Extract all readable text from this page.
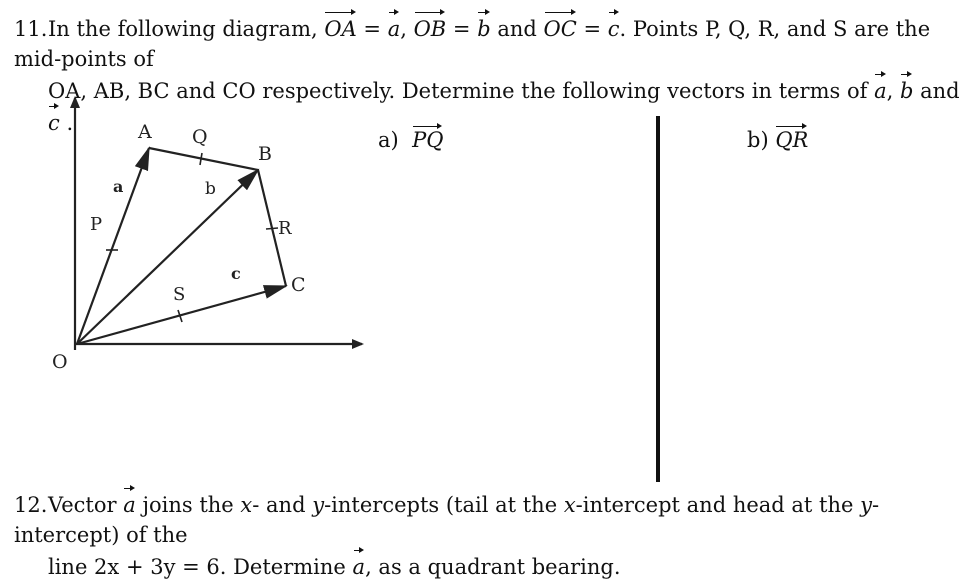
11.In the following diagram, OA =
a,
OB =
b and OC =
c. Points P, Q, R, and S are the mid-points of
OA, AB, BC and CO respectively. Determine the following vectors in terms of a,
b and
c .
O
A
B
C
P
Q
R
S
a	b
c
a) PQ	b) QR
12.Vector a joins the x- and y-intercepts (tail at the x-intercept and head at the y-intercept) of the
line 2x + 3y = 6. Determine a, as a quadrant bearing.
